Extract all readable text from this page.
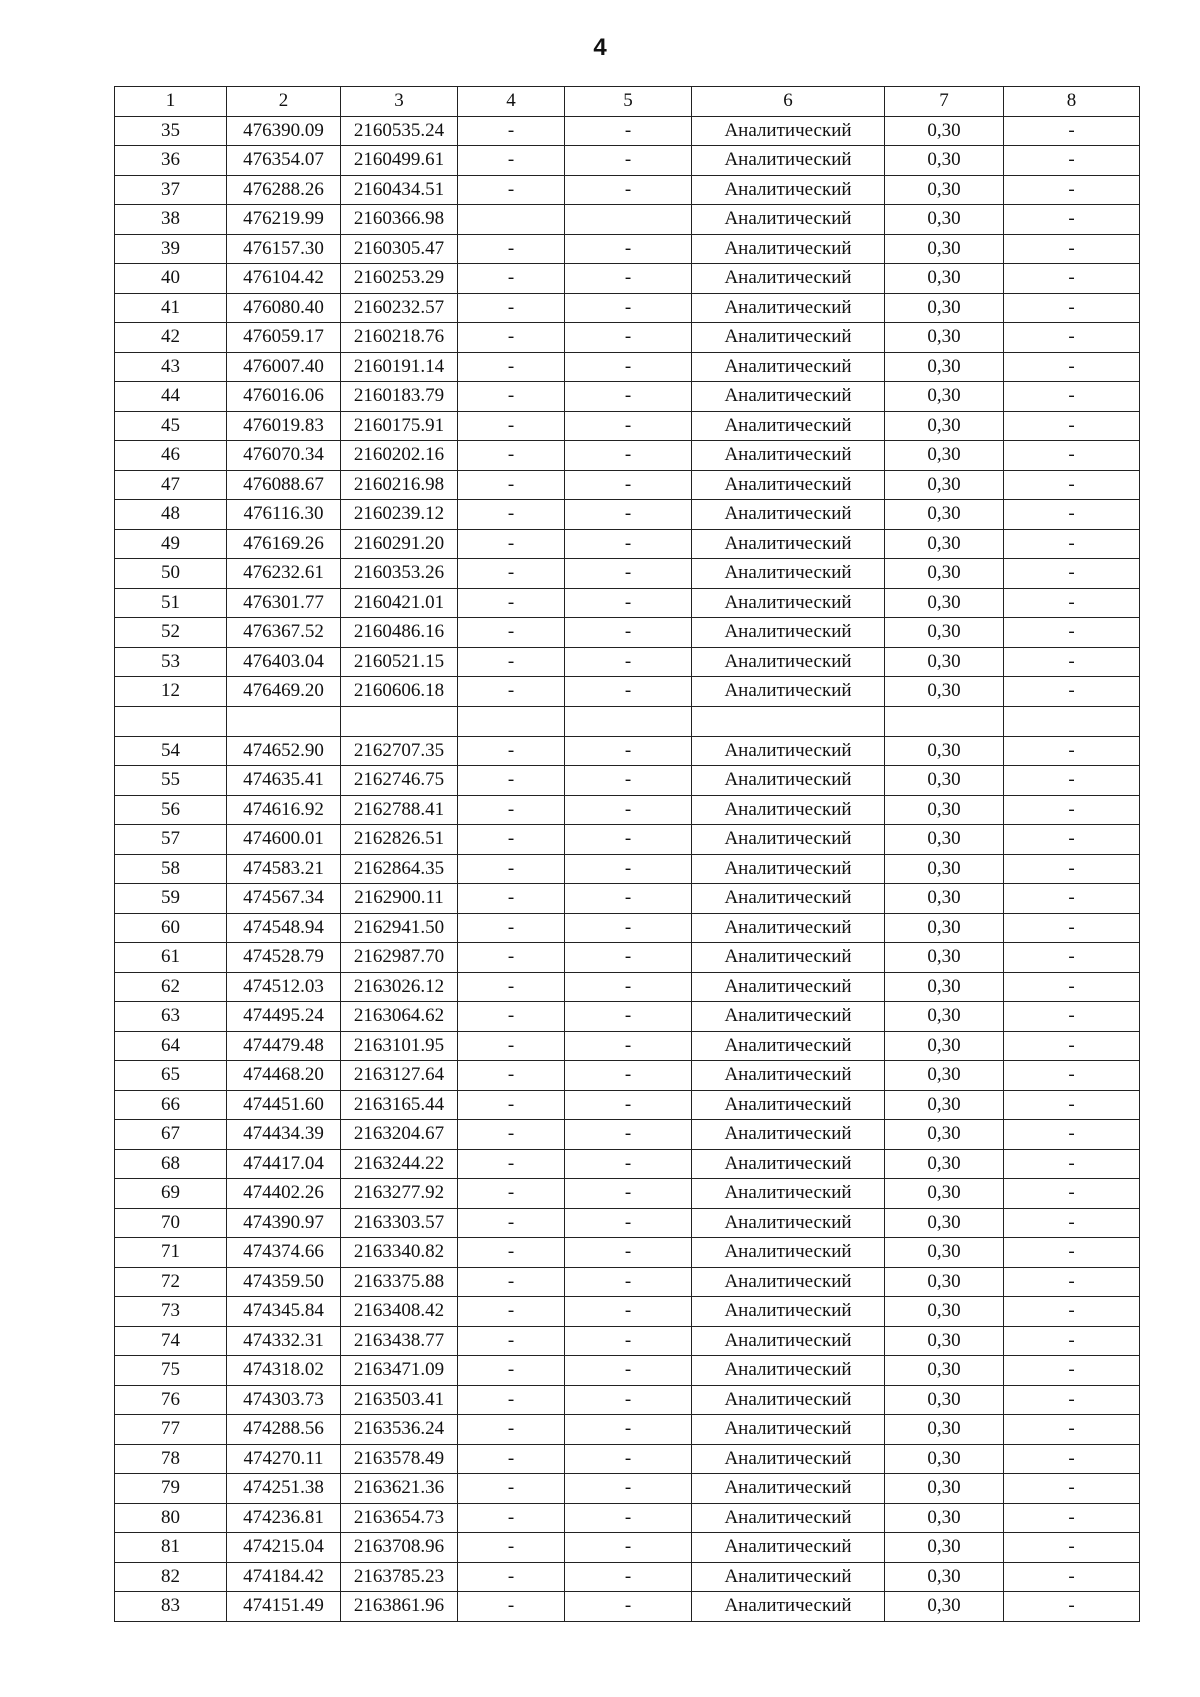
4
1	2	3	4	5	6	7	8
35	476390.09	2160535.24	-	-	Аналитический	0,30	-
36	476354.07	2160499.61	-	-	Аналитический	0,30	-
37	476288.26	2160434.51	-	-	Аналитический	0,30	-
38	476219.99	2160366.98			Аналитический	0,30	-
39	476157.30	2160305.47	-	-	Аналитический	0,30	-
40	476104.42	2160253.29	-	-	Аналитический	0,30	-
41	476080.40	2160232.57	-	-	Аналитический	0,30	-
42	476059.17	2160218.76	-	-	Аналитический	0,30	-
43	476007.40	2160191.14	-	-	Аналитический	0,30	-
44	476016.06	2160183.79	-	-	Аналитический	0,30	-
45	476019.83	2160175.91	-	-	Аналитический	0,30	-
46	476070.34	2160202.16	-	-	Аналитический	0,30	-
47	476088.67	2160216.98	-	-	Аналитический	0,30	-
48	476116.30	2160239.12	-	-	Аналитический	0,30	-
49	476169.26	2160291.20	-	-	Аналитический	0,30	-
50	476232.61	2160353.26	-	-	Аналитический	0,30	-
51	476301.77	2160421.01	-	-	Аналитический	0,30	-
52	476367.52	2160486.16	-	-	Аналитический	0,30	-
53	476403.04	2160521.15	-	-	Аналитический	0,30	-
12	476469.20	2160606.18	-	-	Аналитический	0,30	-

54	474652.90	2162707.35	-	-	Аналитический	0,30	-
55	474635.41	2162746.75	-	-	Аналитический	0,30	-
56	474616.92	2162788.41	-	-	Аналитический	0,30	-
57	474600.01	2162826.51	-	-	Аналитический	0,30	-
58	474583.21	2162864.35	-	-	Аналитический	0,30	-
59	474567.34	2162900.11	-	-	Аналитический	0,30	-
60	474548.94	2162941.50	-	-	Аналитический	0,30	-
61	474528.79	2162987.70	-	-	Аналитический	0,30	-
62	474512.03	2163026.12	-	-	Аналитический	0,30	-
63	474495.24	2163064.62	-	-	Аналитический	0,30	-
64	474479.48	2163101.95	-	-	Аналитический	0,30	-
65	474468.20	2163127.64	-	-	Аналитический	0,30	-
66	474451.60	2163165.44	-	-	Аналитический	0,30	-
67	474434.39	2163204.67	-	-	Аналитический	0,30	-
68	474417.04	2163244.22	-	-	Аналитический	0,30	-
69	474402.26	2163277.92	-	-	Аналитический	0,30	-
70	474390.97	2163303.57	-	-	Аналитический	0,30	-
71	474374.66	2163340.82	-	-	Аналитический	0,30	-
72	474359.50	2163375.88	-	-	Аналитический	0,30	-
73	474345.84	2163408.42	-	-	Аналитический	0,30	-
74	474332.31	2163438.77	-	-	Аналитический	0,30	-
75	474318.02	2163471.09	-	-	Аналитический	0,30	-
76	474303.73	2163503.41	-	-	Аналитический	0,30	-
77	474288.56	2163536.24	-	-	Аналитический	0,30	-
78	474270.11	2163578.49	-	-	Аналитический	0,30	-
79	474251.38	2163621.36	-	-	Аналитический	0,30	-
80	474236.81	2163654.73	-	-	Аналитический	0,30	-
81	474215.04	2163708.96	-	-	Аналитический	0,30	-
82	474184.42	2163785.23	-	-	Аналитический	0,30	-
83	474151.49	2163861.96	-	-	Аналитический	0,30	-
